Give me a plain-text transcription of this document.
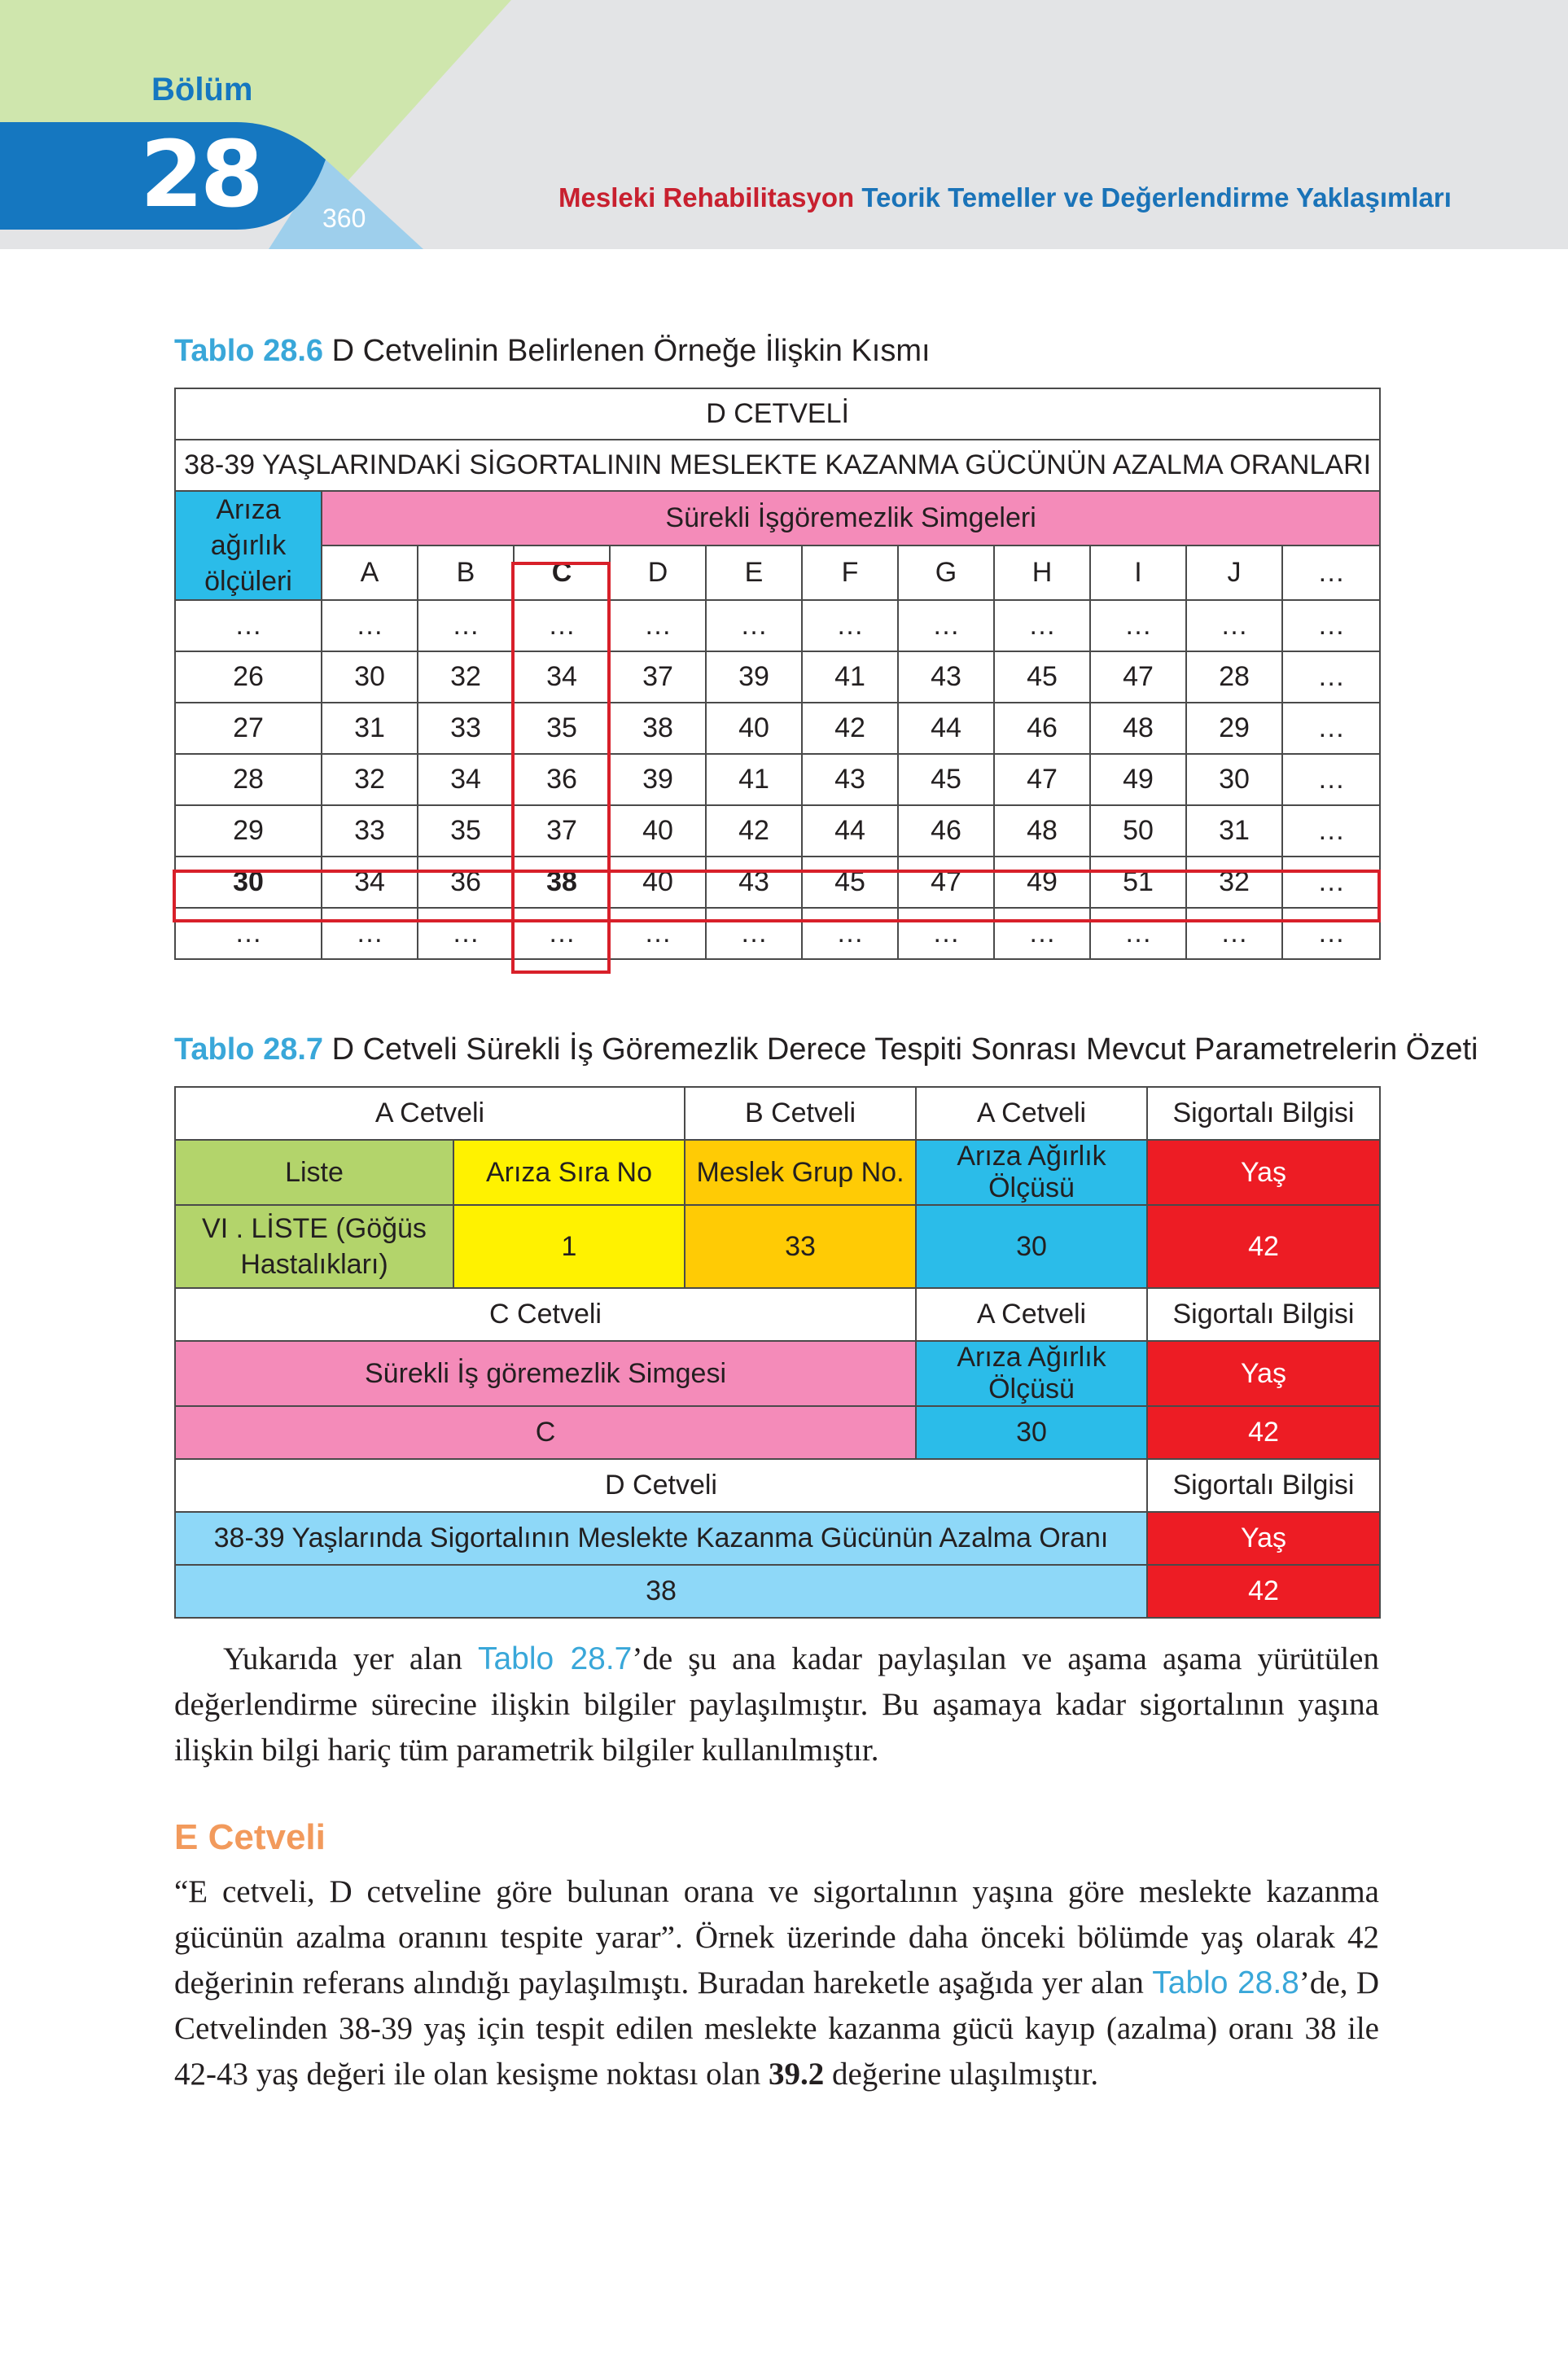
Bölüm
28 360
Mesleki Rehabilitasyon Teorik Temeller ve Değerlendirme Yaklaşımları
Tablo 28.6 D Cetvelinin Belirlenen Örneğe İlişkin Kısmı
D CETVELİ											
38-39 YAŞLARINDAKİ SİGORTALININ MESLEKTE KAZANMA GÜCÜNÜN AZALMA ORANLARI											
Arıza ağırlık ölçüleri	Sürekli İşgöremezlik Simgeleri										
	A	B	C	D	E	F	G	H	I	J	…
…	…	…	…	…	…	…	…	…	…	…	…
26	30	32	34	37	39	41	43	45	47	28	…
27	31	33	35	38	40	42	44	46	48	29	…
28	32	34	36	39	41	43	45	47	49	30	…
29	33	35	37	40	42	44	46	48	50	31	…
30	34	36	38	40	43	45	47	49	51	32	…
…	…	…	…	…	…	…	…	…	…	…	…
Tablo 28.7 D Cetveli Sürekli İş Göremezlik Derece Tespiti Sonrası Mevcut Parametrelerin Özeti
A Cetveli		B Cetveli	A Cetveli	Sigortalı Bilgisi
Liste	Arıza Sıra No	Meslek Grup No.	Arıza Ağırlık Ölçüsü	Yaş
VI . LİSTE (Göğüs Hastalıkları)	1	33	30	42
C Cetveli			A Cetveli	Sigortalı Bilgisi
Sürekli İş göremezlik Simgesi			Arıza Ağırlık Ölçüsü	Yaş
C			30	42
D Cetveli				Sigortalı Bilgisi
38-39 Yaşlarında Sigortalının Meslekte Kazanma Gücünün Azalma Oranı				Yaş
38				42
Yukarıda yer alan Tablo 28.7’de şu ana kadar paylaşılan ve aşama aşama yürütülen değerlendirme sürecine ilişkin bilgiler paylaşılmıştır. Bu aşamaya kadar sigortalının yaşına ilişkin bilgi hariç tüm parametrik bilgiler kullanılmıştır.
E Cetveli
“E cetveli, D cetveline göre bulunan orana ve sigortalının yaşına göre meslekte kazanma gücünün azalma oranını tespite yarar”. Örnek üzerinde daha önceki bölümde yaş olarak 42 değerinin referans alındığı paylaşılmıştı. Buradan hareketle aşağıda yer alan Tablo 28.8’de, D Cetvelinden 38-39 yaş için tespit edilen meslekte kazanma gücü kayıp (azalma) oranı 38 ile 42-43 yaş değeri ile olan kesişme noktası olan 39.2 değerine ulaşılmıştır.
